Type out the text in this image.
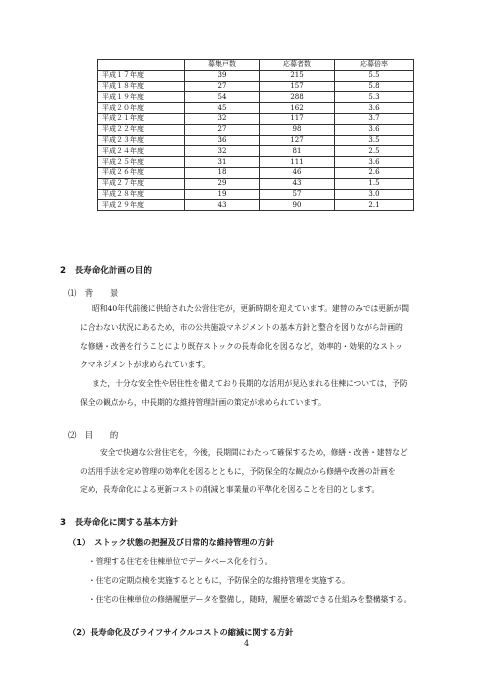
	募集戸数	応募者数	応募倍率
平成１７年度	39	215	5.5
平成１８年度	27	157	5.8
平成１９年度	54	288	5.3
平成２０年度	45	162	3.6
平成２１年度	32	117	3.7
平成２２年度	27	98	3.6
平成２３年度	36	127	3.5
平成２４年度	32	81	2.5
平成２５年度	31	111	3.6
平成２６年度	18	46	2.6
平成２７年度	29	43	1.5
平成２８年度	19	57	3.0
平成２９年度	43	90	2.1
2　長寿命化計画の目的
⑴　背　　景
昭和40年代前後に供給された公営住宅が，更新時期を迎えています。建替のみでは更新が間
に合わない状況にあるため，市の公共施設マネジメントの基本方針と整合を図りながら計画的
な修繕・改善を行うことにより既存ストックの長寿命化を図るなど，効率的・効果的なストッ
クマネジメントが求められています。
また，十分な安全性や居住性を備えており長期的な活用が見込まれる住棟については，予防
保全の観点から，中長期的な維持管理計画の策定が求められています。
⑵　目　　的
安全で快適な公営住宅を，今後，長期間にわたって確保するため，修繕・改善・建替など
の活用手法を定め管理の効率化を図るとともに，予防保全的な観点から修繕や改善の計画を
定め，長寿命化による更新コストの削減と事業量の平準化を図ることを目的とします。
3　長寿命化に関する基本方針
（1）　ストック状態の把握及び日常的な維持管理の方針
・管理する住宅を住棟単位でデータベース化を行う。
・住宅の定期点検を実施するとともに，予防保全的な維持管理を実施する。
・住宅の住棟単位の修繕履歴データを整備し，随時，履歴を確認できる仕組みを整構築する。
（2）長寿命化及びライフサイクルコストの縮減に関する方針
4
